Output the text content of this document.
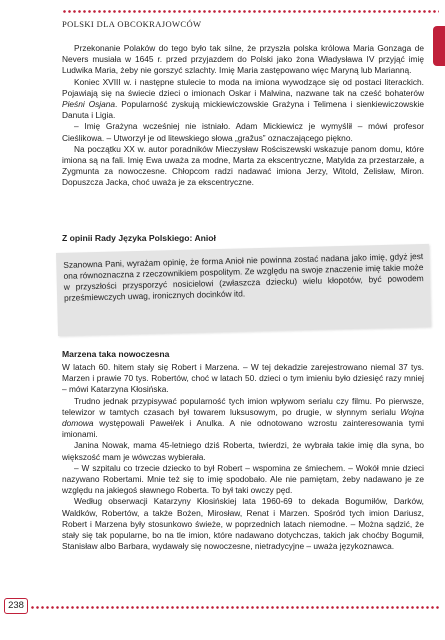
POLSKI DLA OBCOKRAJOWCÓW

Przekonanie Polaków do tego było tak silne, że przyszła polska królowa Maria Gonzaga de Nevers musiała w 1645 r. przed przyjazdem do Polski jako żona Władysława IV przyjąć imię Ludwika Maria, żeby nie gorszyć szlachty. Imię Maria zastępowano więc Maryną lub Marianną.

Koniec XVIII w. i następne stulecie to moda na imiona wywodzące się od postaci literackich. Pojawiają się na świecie dzieci o imionach Oskar i Malwina, nazwane tak na cześć bohaterów Pieśni Osjana. Popularność zyskują mickiewiczowskie Grażyna i Telimena i sienkiewiczowskie Danuta i Ligia.

– Imię Grażyna wcześniej nie istniało. Adam Mickiewicz je wymyślił – mówi profesor Cieślikowa. – Utworzył je od litewskiego słowa „gražus” oznaczającego piękno.

Na początku XX w. autor poradników Mieczysław Rościszewski wskazuje panom domu, które imiona są na fali. Imię Ewa uważa za modne, Marta za ekscentryczne, Matylda za przestarzałe, a Zygmunta za nowoczesne. Chłopcom radzi nadawać imiona Jerzy, Witold, Żelisław, Miron. Dopuszcza Jacka, choć uważa je za ekscentryczne.

Z opinii Rady Języka Polskiego: Anioł
Szanowna Pani, wyrażam opinię, że forma Anioł nie powinna zostać nadana jako imię, gdyż jest ona równoznaczna z rzeczownikiem pospolitym. Ze względu na swoje znaczenie imię takie może w przyszłości przysporzyć nosicielowi (zwłaszcza dziecku) wielu kłopotów, być powodem prześmiewczych uwag, ironicznych docinków itd.
Marzena taka nowoczesna

W latach 60. hitem stały się Robert i Marzena. – W tej dekadzie zarejestrowano niemal 37 tys. Marzen i prawie 70 tys. Robertów, choć w latach 50. dzieci o tym imieniu było dziesięć razy mniej – mówi Katarzyna Kłosińska.

Trudno jednak przypisywać popularność tych imion wpływom serialu czy filmu. Po pierwsze, telewizor w tamtych czasach był towarem luksusowym, po drugie, w słynnym serialu Wojna domowa występowali Paweł/ek i Anulka. A nie odnotowano wzrostu zainteresowania tymi imionami.

Janina Nowak, mama 45-letniego dziś Roberta, twierdzi, że wybrała takie imię dla syna, bo większość mam je wówczas wybierała.

– W szpitalu co trzecie dziecko to był Robert – wspomina ze śmiechem. – Wokół mnie dzieci nazywano Robertami. Mnie też się to imię spodobało. Ale nie pamiętam, żeby nadawano je ze względu na jakiegoś sławnego Roberta. To był taki owczy pęd.

Według obserwacji Katarzyny Kłosińskiej lata 1960-69 to dekada Bogumiłów, Darków, Waldków, Robertów, a także Bożen, Mirosław, Renat i Marzen. Spośród tych imion Dariusz, Robert i Marzena były stosunkowo świeże, w poprzednich latach niemodne. – Można sądzić, że stały się tak popularne, bo na tle imion, które nadawano dotychczas, takich jak choćby Bogumił, Stanisław albo Barbara, wydawały się nowoczesne, nietradycyjne – uważa językoznawca.

238
